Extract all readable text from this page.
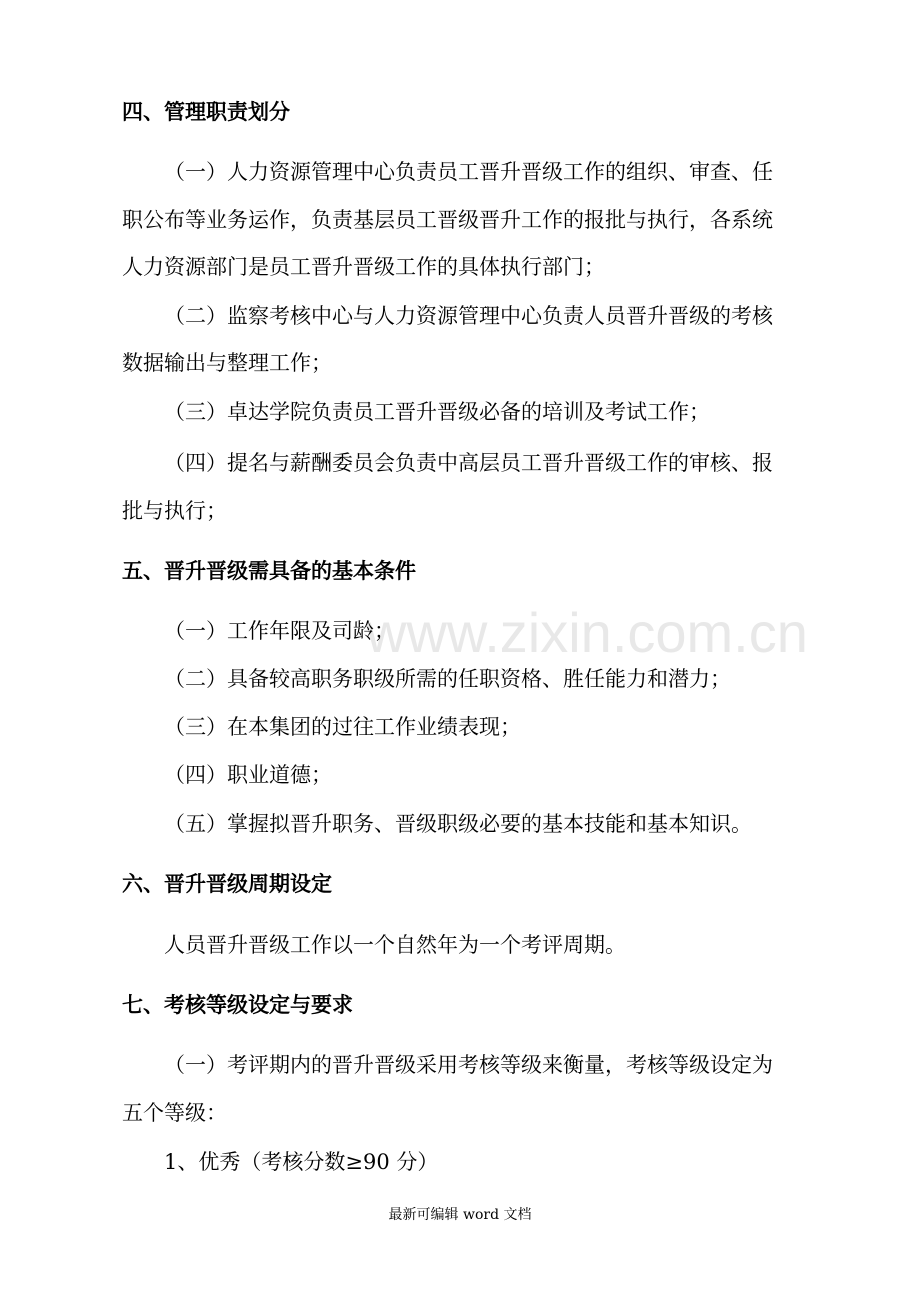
www.zixin.com.cn
四、管理职责划分
（一）人力资源管理中心负责员工晋升晋级工作的组织、审查、任
职公布等业务运作，负责基层员工晋级晋升工作的报批与执行，各系统
人力资源部门是员工晋升晋级工作的具体执行部门；
（二）监察考核中心与人力资源管理中心负责人员晋升晋级的考核
数据输出与整理工作；
（三）卓达学院负责员工晋升晋级必备的培训及考试工作；
（四）提名与薪酬委员会负责中高层员工晋升晋级工作的审核、报
批与执行；
五、晋升晋级需具备的基本条件
（一）工作年限及司龄；
（二）具备较高职务职级所需的任职资格、胜任能力和潜力；
（三）在本集团的过往工作业绩表现；
（四）职业道德；
（五）掌握拟晋升职务、晋级职级必要的基本技能和基本知识。
六、晋升晋级周期设定
人员晋升晋级工作以一个自然年为一个考评周期。
七、考核等级设定与要求
（一）考评期内的晋升晋级采用考核等级来衡量，考核等级设定为
五个等级：
1、优秀（考核分数≥90 分）
最新可编辑 word 文档
